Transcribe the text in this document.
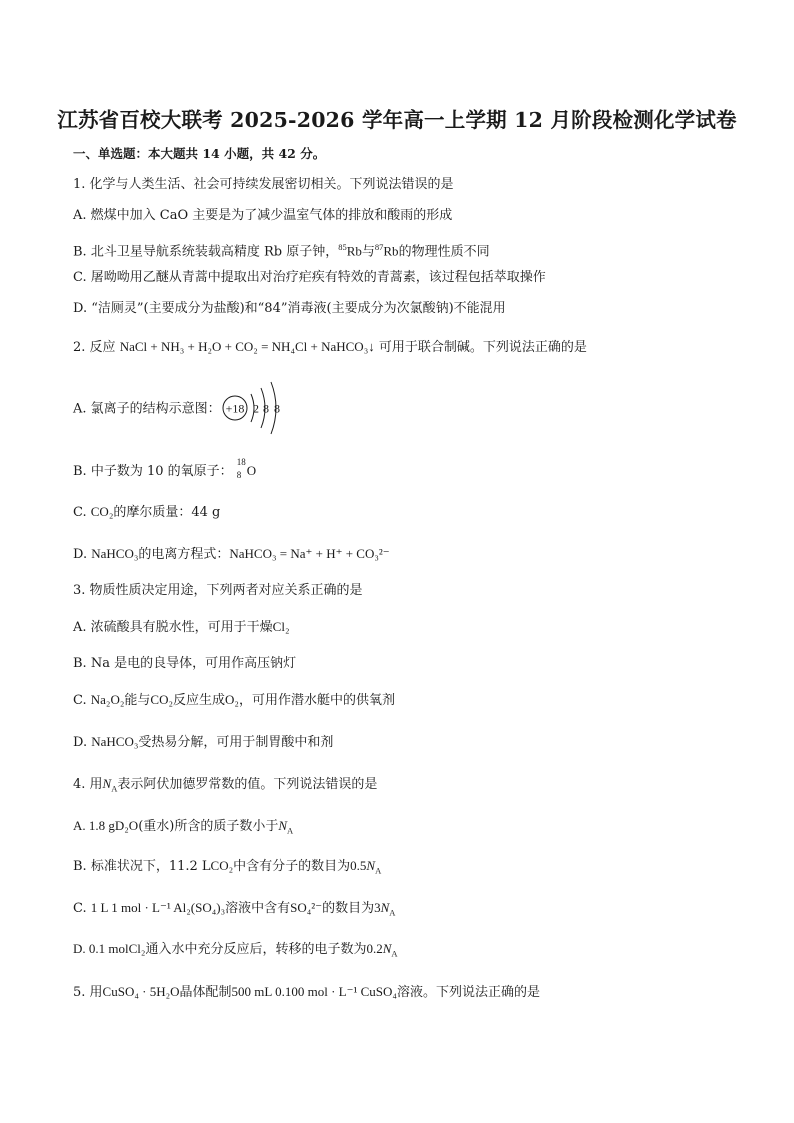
江苏省百校大联考 2025-2026 学年高一上学期 12 月阶段检测化学试卷
一、单选题：本大题共 14 小题，共 42 分。
1. 化学与人类生活、社会可持续发展密切相关。下列说法错误的是
A. 燃煤中加入 CaO 主要是为了减少温室气体的排放和酸雨的形成
B. 北斗卫星导航系统装载高精度 Rb 原子钟，$^{85}$Rb与$^{87}$Rb的物理性质不同
C. 屠呦呦用乙醚从青蒿中提取出对治疗疟疾有特效的青蒿素，该过程包括萃取操作
D. “洁厕灵”(主要成分为盐酸)和“84”消毒液(主要成分为次氯酸钠)不能混用
2. 反应 NaCl + NH₃ + H₂O + CO₂ = NH₄Cl + NaHCO₃↓ 可用于联合制碱。下列说法正确的是
A. 氯离子的结构示意图： +18 2 8 8
B. 中子数为 10 的氧原子：
18
8 O
C. CO₂的摩尔质量：44 g
D. NaHCO₃的电离方程式：NaHCO₃ = Na⁺ + H⁺ + CO₃²⁻
3. 物质性质决定用途，下列两者对应关系正确的是
A. 浓硫酸具有脱水性，可用于干燥Cl₂
B. Na 是电的良导体，可用作高压钠灯
C. Na₂O₂能与CO₂反应生成O₂，可用作潜水艇中的供氧剂
D. NaHCO₃受热易分解，可用于制胃酸中和剂
4. 用$N_A$表示阿伏加德罗常数的值。下列说法错误的是
A. 1.8 gD₂O(重水)所含的质子数小于$N_A$
B. 标准状况下，11.2 LCO₂中含有分子的数目为$0.5N_A$
C. 1 L 1 mol · L⁻¹ Al₂(SO₄)₃溶液中含有SO₄²⁻的数目为$3N_A$
D. 0.1 molCl₂通入水中充分反应后，转移的电子数为$0.2N_A$
5. 用CuSO₄ · 5H₂O晶体配制500 mL 0.100 mol · L⁻¹ CuSO₄溶液。下列说法正确的是
